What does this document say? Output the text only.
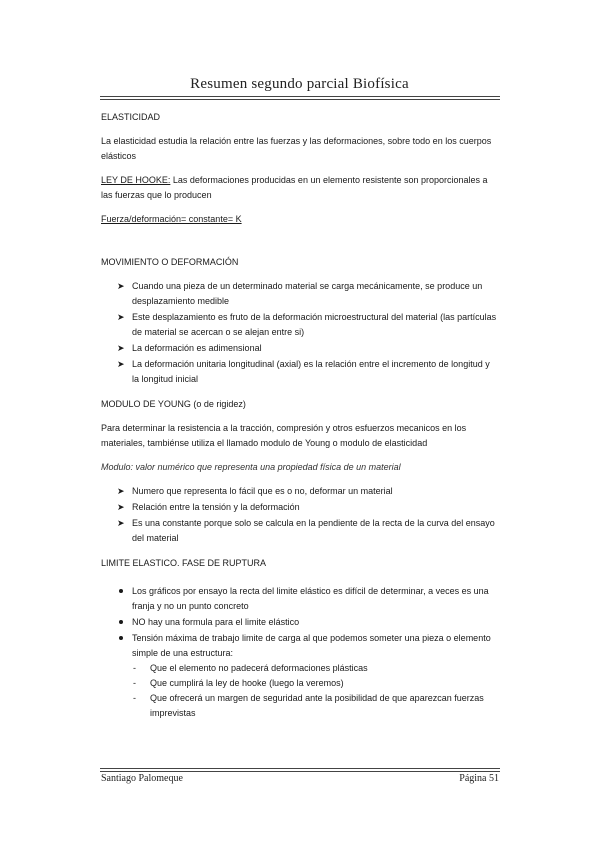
Resumen segundo parcial Biofísica

ELASTICIDAD

La elasticidad estudia la relación entre las fuerzas y las deformaciones, sobre todo en los cuerpos elásticos

LEY DE HOOKE: Las deformaciones producidas en un elemento resistente son proporcionales a las fuerzas que lo producen

Fuerza/deformación= constante= K

MOVIMIENTO O DEFORMACIÓN

➤ Cuando una pieza de un determinado material se carga mecánicamente, se produce un desplazamiento medible
➤ Este desplazamiento es fruto de la deformación microestructural del material (las partículas de material se acercan o se alejan entre si)
➤ La deformación es adimensional
➤ La deformación unitaria longitudinal (axial) es la relación entre el incremento de longitud y la longitud inicial

MODULO DE YOUNG (o de rigidez)

Para determinar la resistencia a la tracción, compresión y otros esfuerzos mecanicos en los materiales, tambiénse utiliza el llamado modulo de Young o modulo de elasticidad

Modulo: valor numérico que representa una propiedad física de un material

➤ Numero que representa lo fácil que es o no, deformar un material
➤ Relación entre la tensión y la deformación
➤ Es una constante porque solo se calcula en la pendiente de la recta de la curva del ensayo del material

LIMITE ELASTICO. FASE DE RUPTURA

Los gráficos por ensayo la recta del limite elástico es difícil de determinar, a veces es una franja y no un punto concreto
NO hay una formula para el limite elástico
Tensión máxima de trabajo limite de carga al que podemos someter una pieza o elemento simple de una estructura:
- Que el elemento no padecerá deformaciones plásticas
- Que cumplirá la ley de hooke (luego la veremos)
- Que ofrecerá un margen de seguridad ante la posibilidad de que aparezcan fuerzas imprevistas
Santiago Palomeque	Página 51
